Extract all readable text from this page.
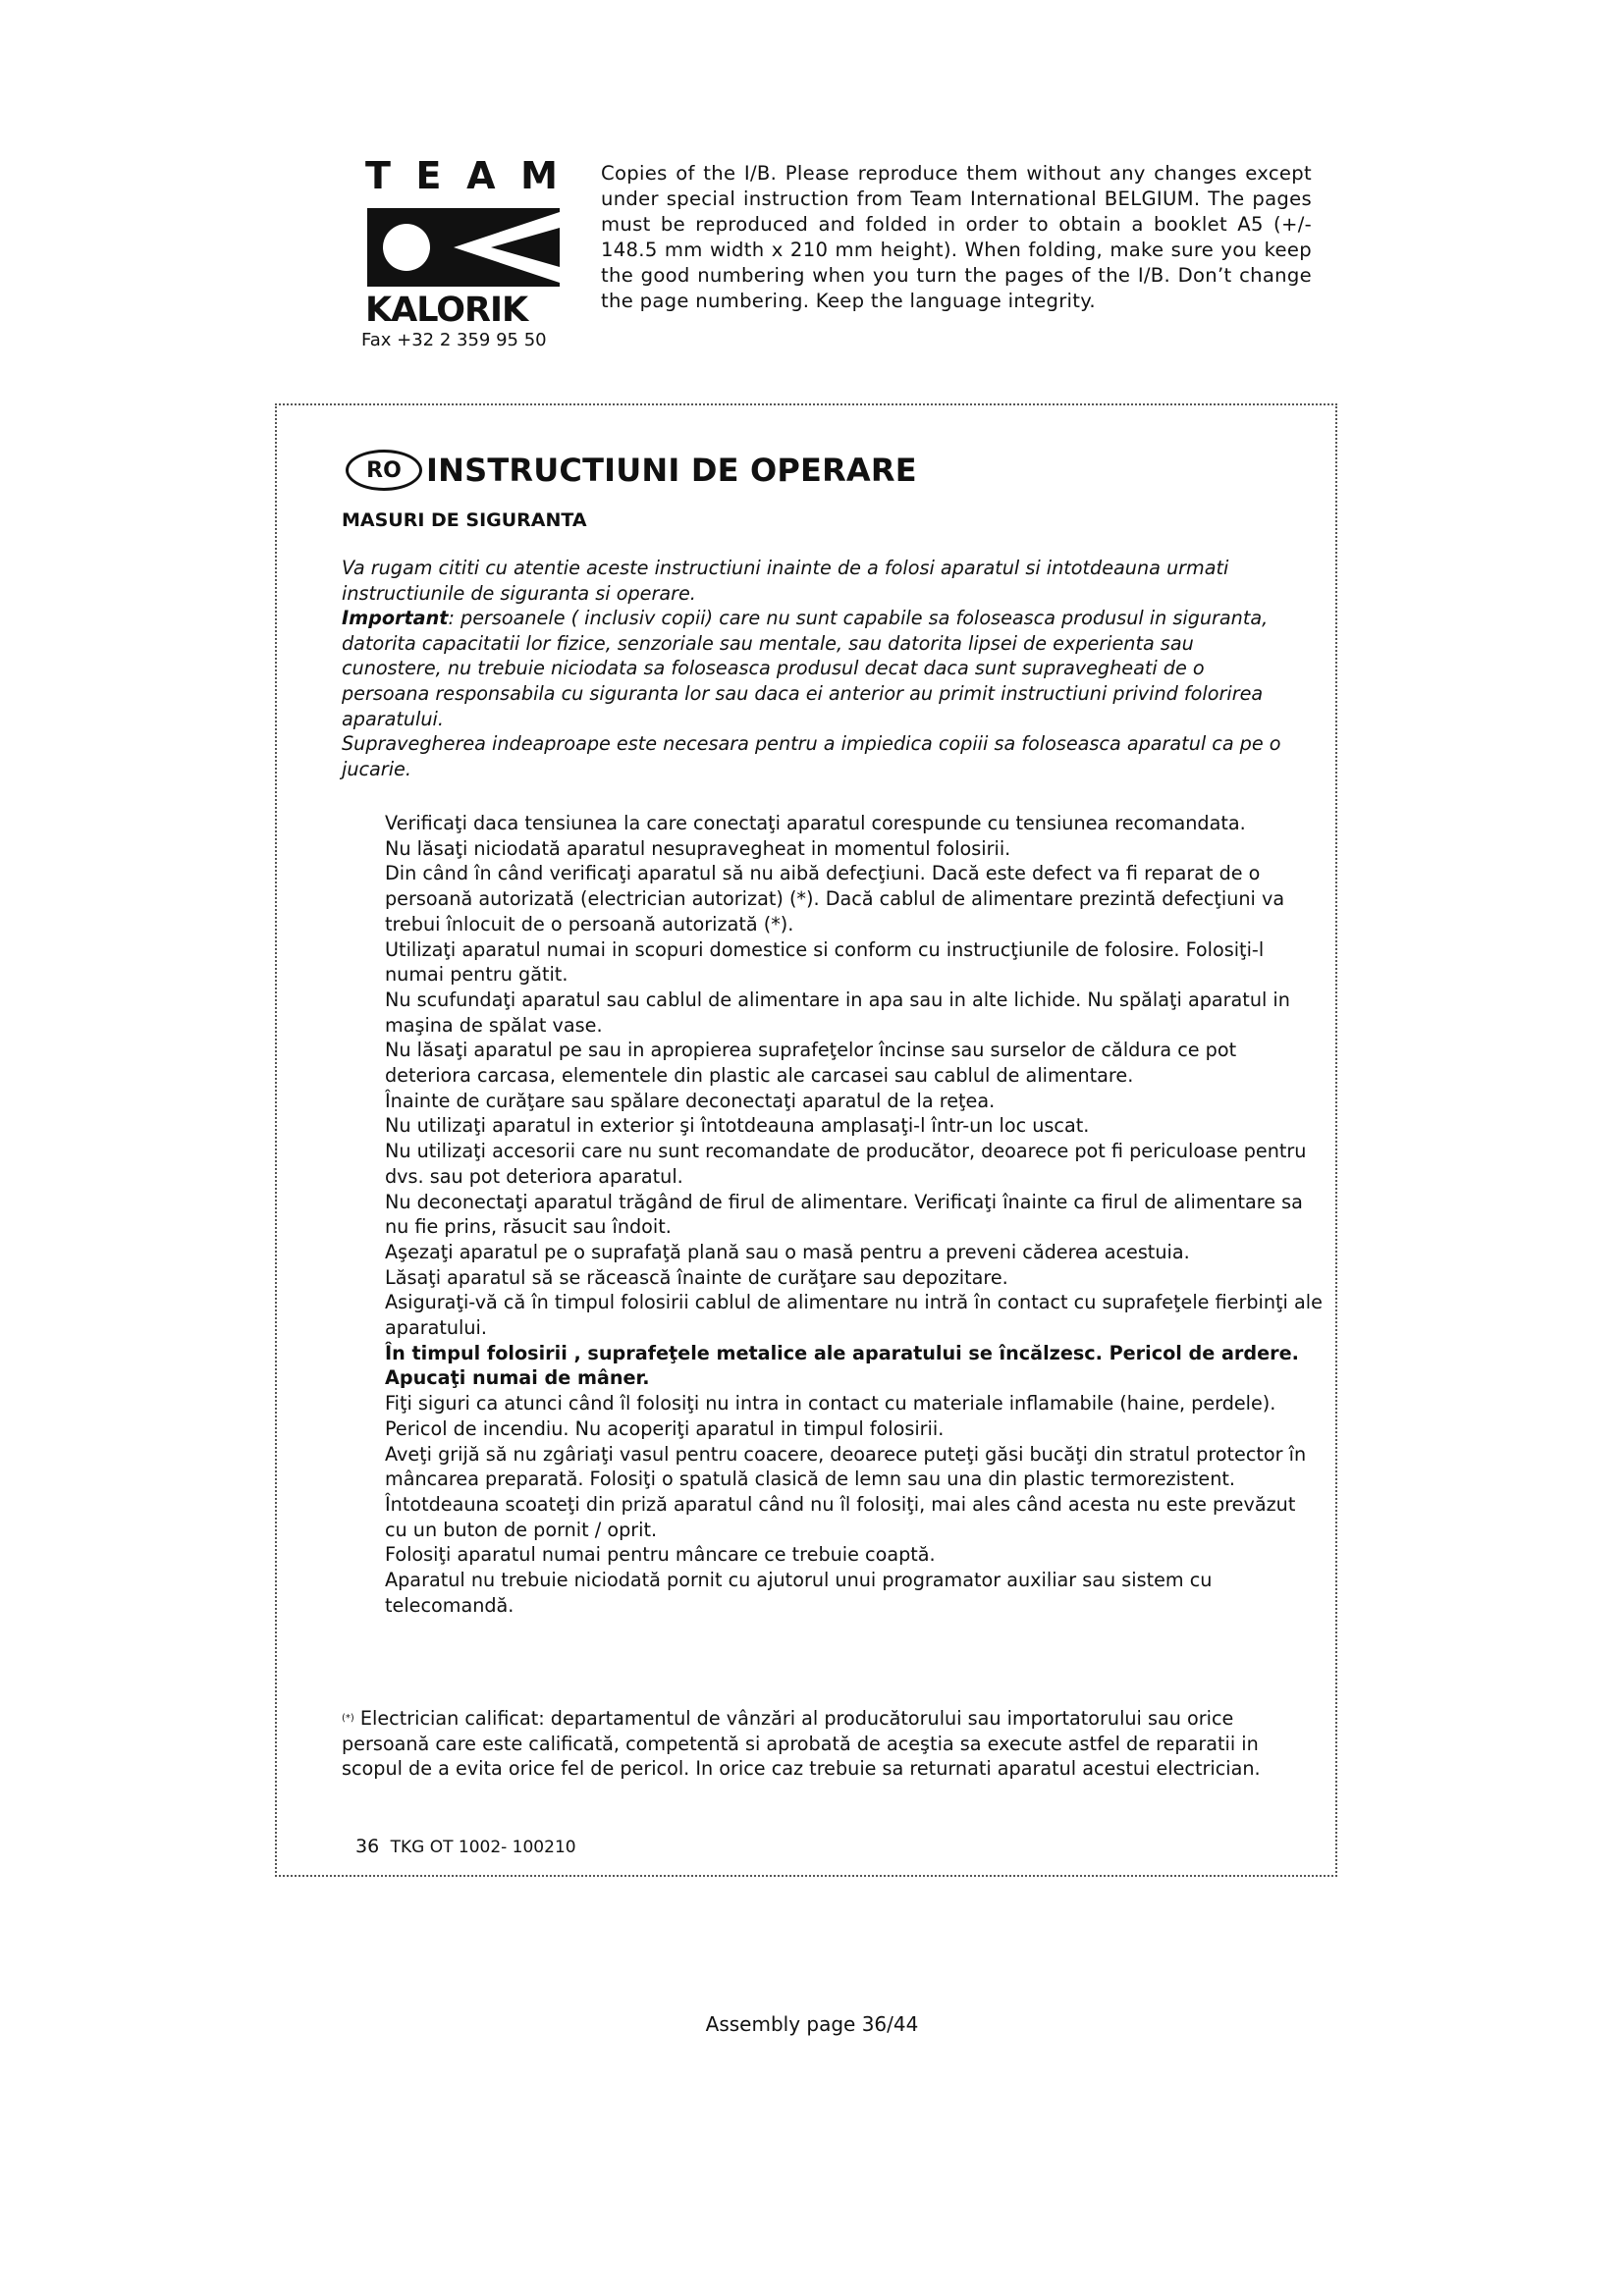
T E A M
KALORIK
Fax +32 2 359 95 50
Copies of the I/B. Please reproduce them without any changes except under special instruction from Team International BELGIUM. The pages must be reproduced and folded in order to obtain a booklet A5 (+/- 148.5 mm width x 210 mm height). When folding, make sure you keep the good numbering when you turn the pages of the I/B. Don’t change the page numbering. Keep the language integrity.
RO INSTRUCTIUNI DE OPERARE
MASURI DE SIGURANTA

Va rugam cititi cu atentie aceste instructiuni inainte de a folosi aparatul si intotdeauna urmati instructiunile de siguranta si operare.

Important: persoanele ( inclusiv copii) care nu sunt capabile sa foloseasca produsul in siguranta, datorita capacitatii lor fizice, senzoriale sau mentale, sau datorita lipsei de experienta sau cunostere, nu trebuie niciodata sa foloseasca produsul decat daca sunt supravegheati de o persoana responsabila cu siguranta lor sau daca ei anterior au primit instructiuni privind folorirea aparatului.

Supravegherea indeaproape este necesara pentru a impiedica copiii sa foloseasca aparatul ca pe o jucarie.

Verificaţi daca tensiunea la care conectaţi aparatul corespunde cu tensiunea recomandata.
Nu lăsaţi niciodată aparatul nesupravegheat in momentul folosirii.
Din când în când verificaţi aparatul să nu aibă defecţiuni. Dacă este defect va fi reparat de o persoană autorizată (electrician autorizat) (*). Dacă cablul de alimentare prezintă defecţiuni va trebui înlocuit de o persoană autorizată (*).
Utilizaţi aparatul numai in scopuri domestice si conform cu instrucţiunile de folosire. Folosiţi-l numai pentru gătit.
Nu scufundaţi aparatul sau cablul de alimentare in apa sau in alte lichide. Nu spălaţi aparatul in maşina de spălat vase.
Nu lăsaţi aparatul pe sau in apropierea suprafeţelor încinse sau surselor de căldura ce pot deteriora carcasa, elementele din plastic ale carcasei sau cablul de alimentare.
Înainte de curăţare sau spălare deconectaţi aparatul de la reţea.
Nu utilizaţi aparatul in exterior şi întotdeauna amplasaţi-l într-un loc uscat.
Nu utilizaţi accesorii care nu sunt recomandate de producător, deoarece pot fi periculoase pentru dvs. sau pot deteriora aparatul.
Nu deconectaţi aparatul trăgând de firul de alimentare. Verificaţi înainte ca firul de alimentare sa nu fie prins, răsucit sau îndoit.
Aşezaţi aparatul pe o suprafaţă plană sau o masă pentru a preveni căderea acestuia.
Lăsaţi aparatul să se răcească înainte de curăţare sau depozitare.
Asiguraţi-vă că în timpul folosirii cablul de alimentare nu intră în contact cu suprafeţele fierbinţi ale aparatului.
În timpul folosirii , suprafeţele metalice ale aparatului se încălzesc. Pericol de ardere. Apucaţi numai de mâner.
Fiţi siguri ca atunci când îl folosiţi nu intra in contact cu materiale inflamabile (haine, perdele). Pericol de incendiu. Nu acoperiţi aparatul in timpul folosirii.
Aveţi grijă să nu zgâriaţi vasul pentru coacere, deoarece puteţi găsi bucăţi din stratul protector în mâncarea preparată. Folosiţi o spatulă clasică de lemn sau una din plastic termorezistent.
Întotdeauna scoateţi din priză aparatul când nu îl folosiţi, mai ales când acesta nu este prevăzut cu un buton de pornit / oprit.
Folosiţi aparatul numai pentru mâncare ce trebuie coaptă.
Aparatul nu trebuie niciodată pornit cu ajutorul unui programator auxiliar sau sistem cu telecomandă.
(*) Electrician calificat: departamentul de vânzări al producătorului sau importatorului sau orice persoană care este calificată, competentă si aprobată de aceştia sa execute astfel de reparatii in scopul de a evita orice fel de pericol. In orice caz trebuie sa returnati aparatul acestui electrician.
36 TKG OT 1002- 100210
Assembly page 36/44
